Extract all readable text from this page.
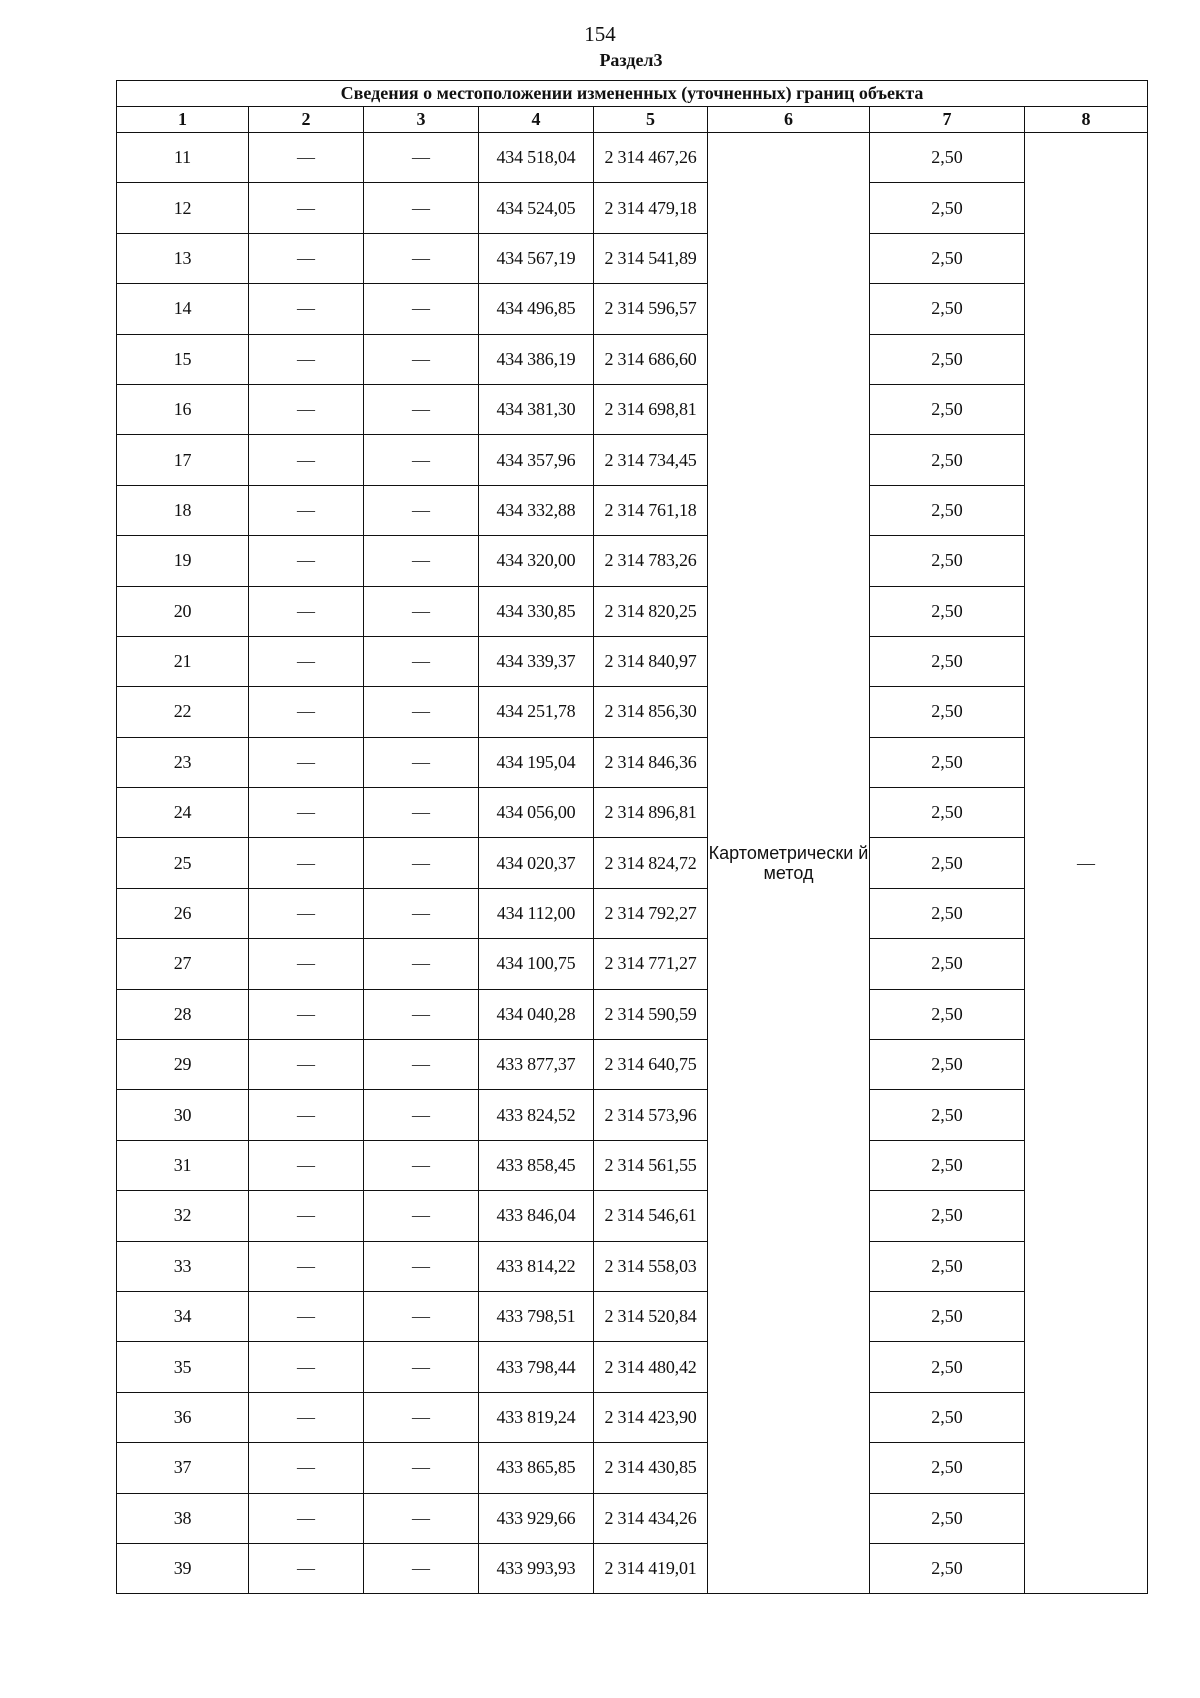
154
Раздел3
Сведения о местоположении измененных (уточненных) границ объекта							
1	2	3	4	5	6	7	8
11	—	—	434 518,04	2 314 467,26	Картометрически й метод	2,50	—
12	—	—	434 524,05	2 314 479,18		2,50	
13	—	—	434 567,19	2 314 541,89		2,50	
14	—	—	434 496,85	2 314 596,57		2,50	
15	—	—	434 386,19	2 314 686,60		2,50	
16	—	—	434 381,30	2 314 698,81		2,50	
17	—	—	434 357,96	2 314 734,45		2,50	
18	—	—	434 332,88	2 314 761,18		2,50	
19	—	—	434 320,00	2 314 783,26		2,50	
20	—	—	434 330,85	2 314 820,25		2,50	
21	—	—	434 339,37	2 314 840,97		2,50	
22	—	—	434 251,78	2 314 856,30		2,50	
23	—	—	434 195,04	2 314 846,36		2,50	
24	—	—	434 056,00	2 314 896,81		2,50	
25	—	—	434 020,37	2 314 824,72		2,50	
26	—	—	434 112,00	2 314 792,27		2,50	
27	—	—	434 100,75	2 314 771,27		2,50	
28	—	—	434 040,28	2 314 590,59		2,50	
29	—	—	433 877,37	2 314 640,75		2,50	
30	—	—	433 824,52	2 314 573,96		2,50	
31	—	—	433 858,45	2 314 561,55		2,50	
32	—	—	433 846,04	2 314 546,61		2,50	
33	—	—	433 814,22	2 314 558,03		2,50	
34	—	—	433 798,51	2 314 520,84		2,50	
35	—	—	433 798,44	2 314 480,42		2,50	
36	—	—	433 819,24	2 314 423,90		2,50	
37	—	—	433 865,85	2 314 430,85		2,50	
38	—	—	433 929,66	2 314 434,26		2,50	
39	—	—	433 993,93	2 314 419,01		2,50	
